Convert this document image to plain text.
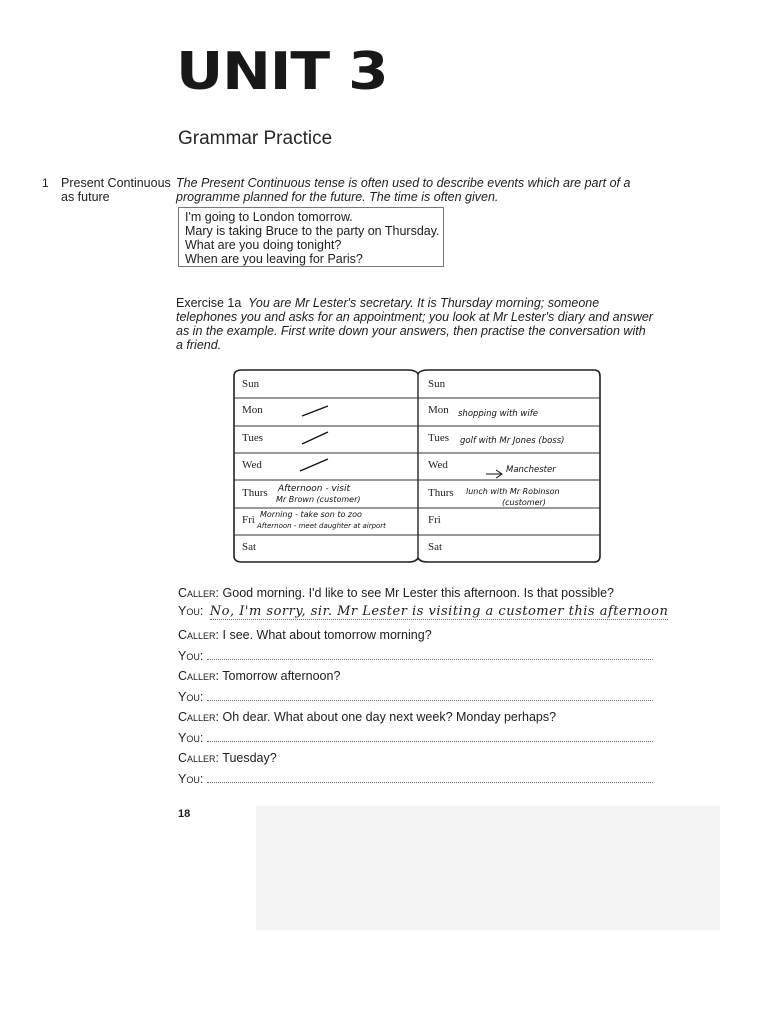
UNIT 3
Grammar Practice
1 Present Continuous
as future
The Present Continuous tense is often used to describe events which are part of a
programme planned for the future. The time is often given.
I'm going to London tomorrow.
Mary is taking Bruce to the party on Thursday.
What are you doing tonight?
When are you leaving for Paris?
Exercise 1a You are Mr Lester's secretary. It is Thursday morning; someone
telephones you and asks for an appointment; you look at Mr Lester's diary and answer
as in the example. First write down your answers, then practise the conversation with
a friend.
Sun
Mon
Tues
Wed
Thurs
Fri
Sat
Sun
Mon
Tues
Wed
Thurs
Fri
Sat
Afternoon - visit
Mr Brown (customer)
Morning - take son to zoo
Afternoon - meet daughter at airport
shopping with wife
golf with Mr Jones (boss)
Manchester
lunch with Mr Robinson
(customer)
Caller: Good morning. I'd like to see Mr Lester this afternoon. Is that possible?
You: No, I'm sorry, sir. Mr Lester is visiting a customer this afternoon
Caller: I see. What about tomorrow morning?
You:
Caller: Tomorrow afternoon?
You:
Caller: Oh dear. What about one day next week? Monday perhaps?
You:
Caller: Tuesday?
You:
18
